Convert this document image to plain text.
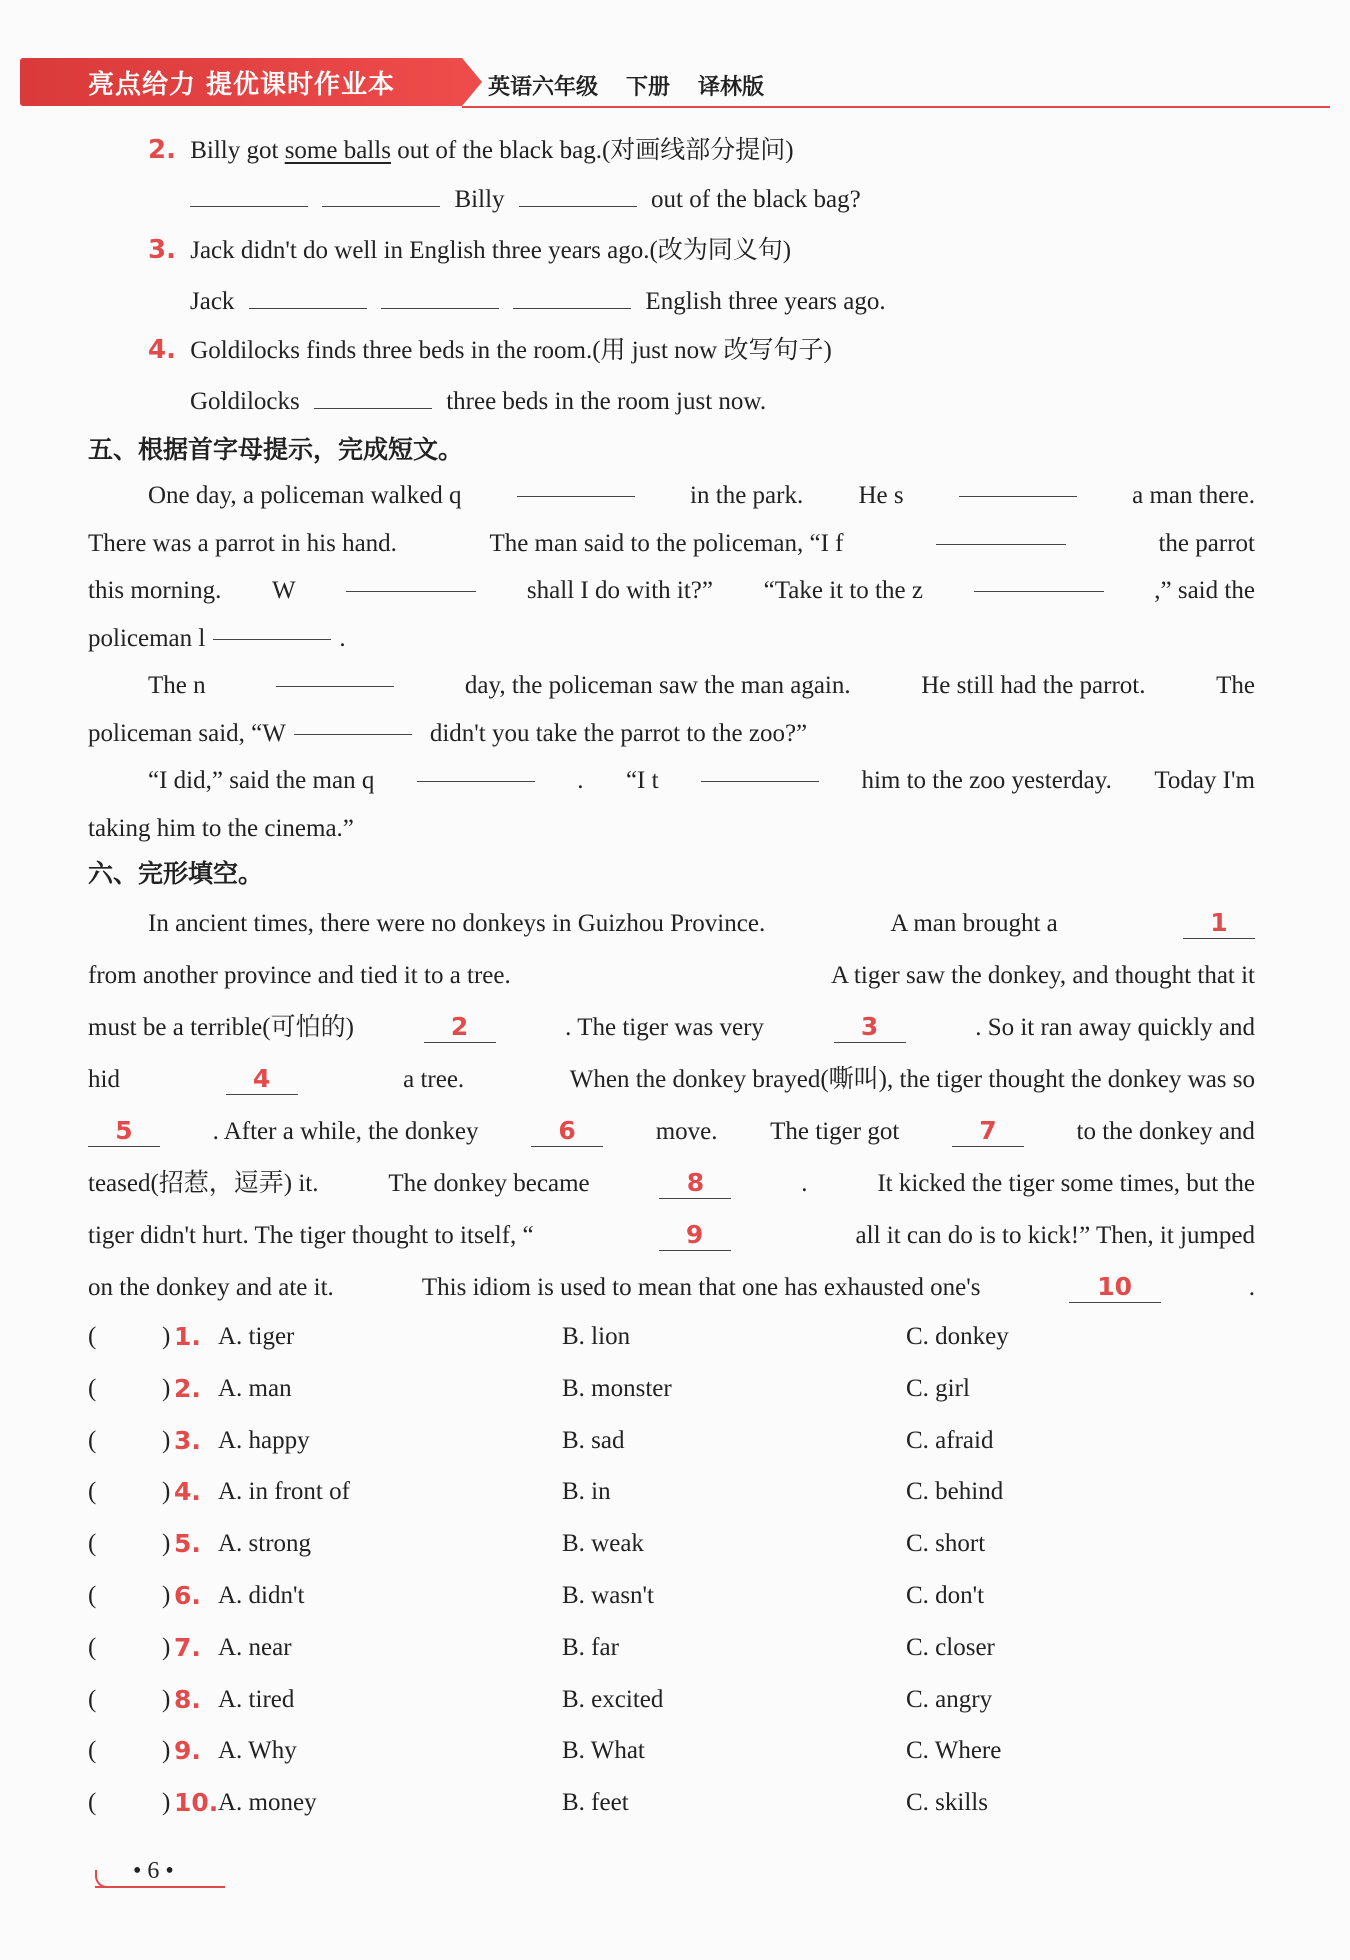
亮点给力 提优课时作业本	英语六年级 下册 译林版
2. Billy got some balls out of the black bag.(对画线部分提问)
Billy	out of the black bag?
3. Jack didn't do well in English three years ago.(改为同义句)
Jack	English three years ago.
4. Goldilocks finds three beds in the room.(用 just now 改写句子)
Goldilocks	three beds in the room just now.
五、根据首字母提示，完成短文。
One day, a policeman walked q	in the park. He s	a man there.
There was a parrot in his hand.	The man said to the policeman, “I f	the parrot
this morning. W	shall I do with it?” “Take it to the z	,” said the
policeman l	.
The n	day, the policeman saw the man again.	He still had the parrot.	The
policeman said, “W	didn't you take the parrot to the zoo?”
“I did,” said the man q	. “I t	him to the zoo yesterday. Today I'm
taking him to the cinema.”
六、完形填空。
In ancient times, there were no donkeys in Guizhou Province.	A man brought a	1
from another province and tied it to a tree.	A tiger saw the donkey, and thought that it
must be a terrible(可怕的)	2	. The tiger was very	3	. So it ran away quickly and
hid	4	a tree.	When the donkey brayed(嘶叫), the tiger thought the donkey was so
5	. After a while, the donkey	6	move. The tiger got	7	to the donkey and
teased(招惹，逗弄) it.	The donkey became	8	.	It kicked the tiger some times, but the
tiger didn't hurt. The tiger thought to itself, “	9	all it can do is to kick!” Then, it jumped
on the donkey and ate it.	This idiom is used to mean that one has exhausted one's	10	.
(	) 1. A. tiger	B. lion	C. donkey
(	) 2. A. man	B. monster	C. girl
(	) 3. A. happy	B. sad	C. afraid
(	) 4. A. in front of	B. in	C. behind
(	) 5. A. strong	B. weak	C. short
(	) 6. A. didn't	B. wasn't	C. don't
(	) 7. A. near	B. far	C. closer
(	) 8. A. tired	B. excited	C. angry
(	) 9. A. Why	B. What	C. Where
(	) 10. A. money	B. feet	C. skills
• 6 •
